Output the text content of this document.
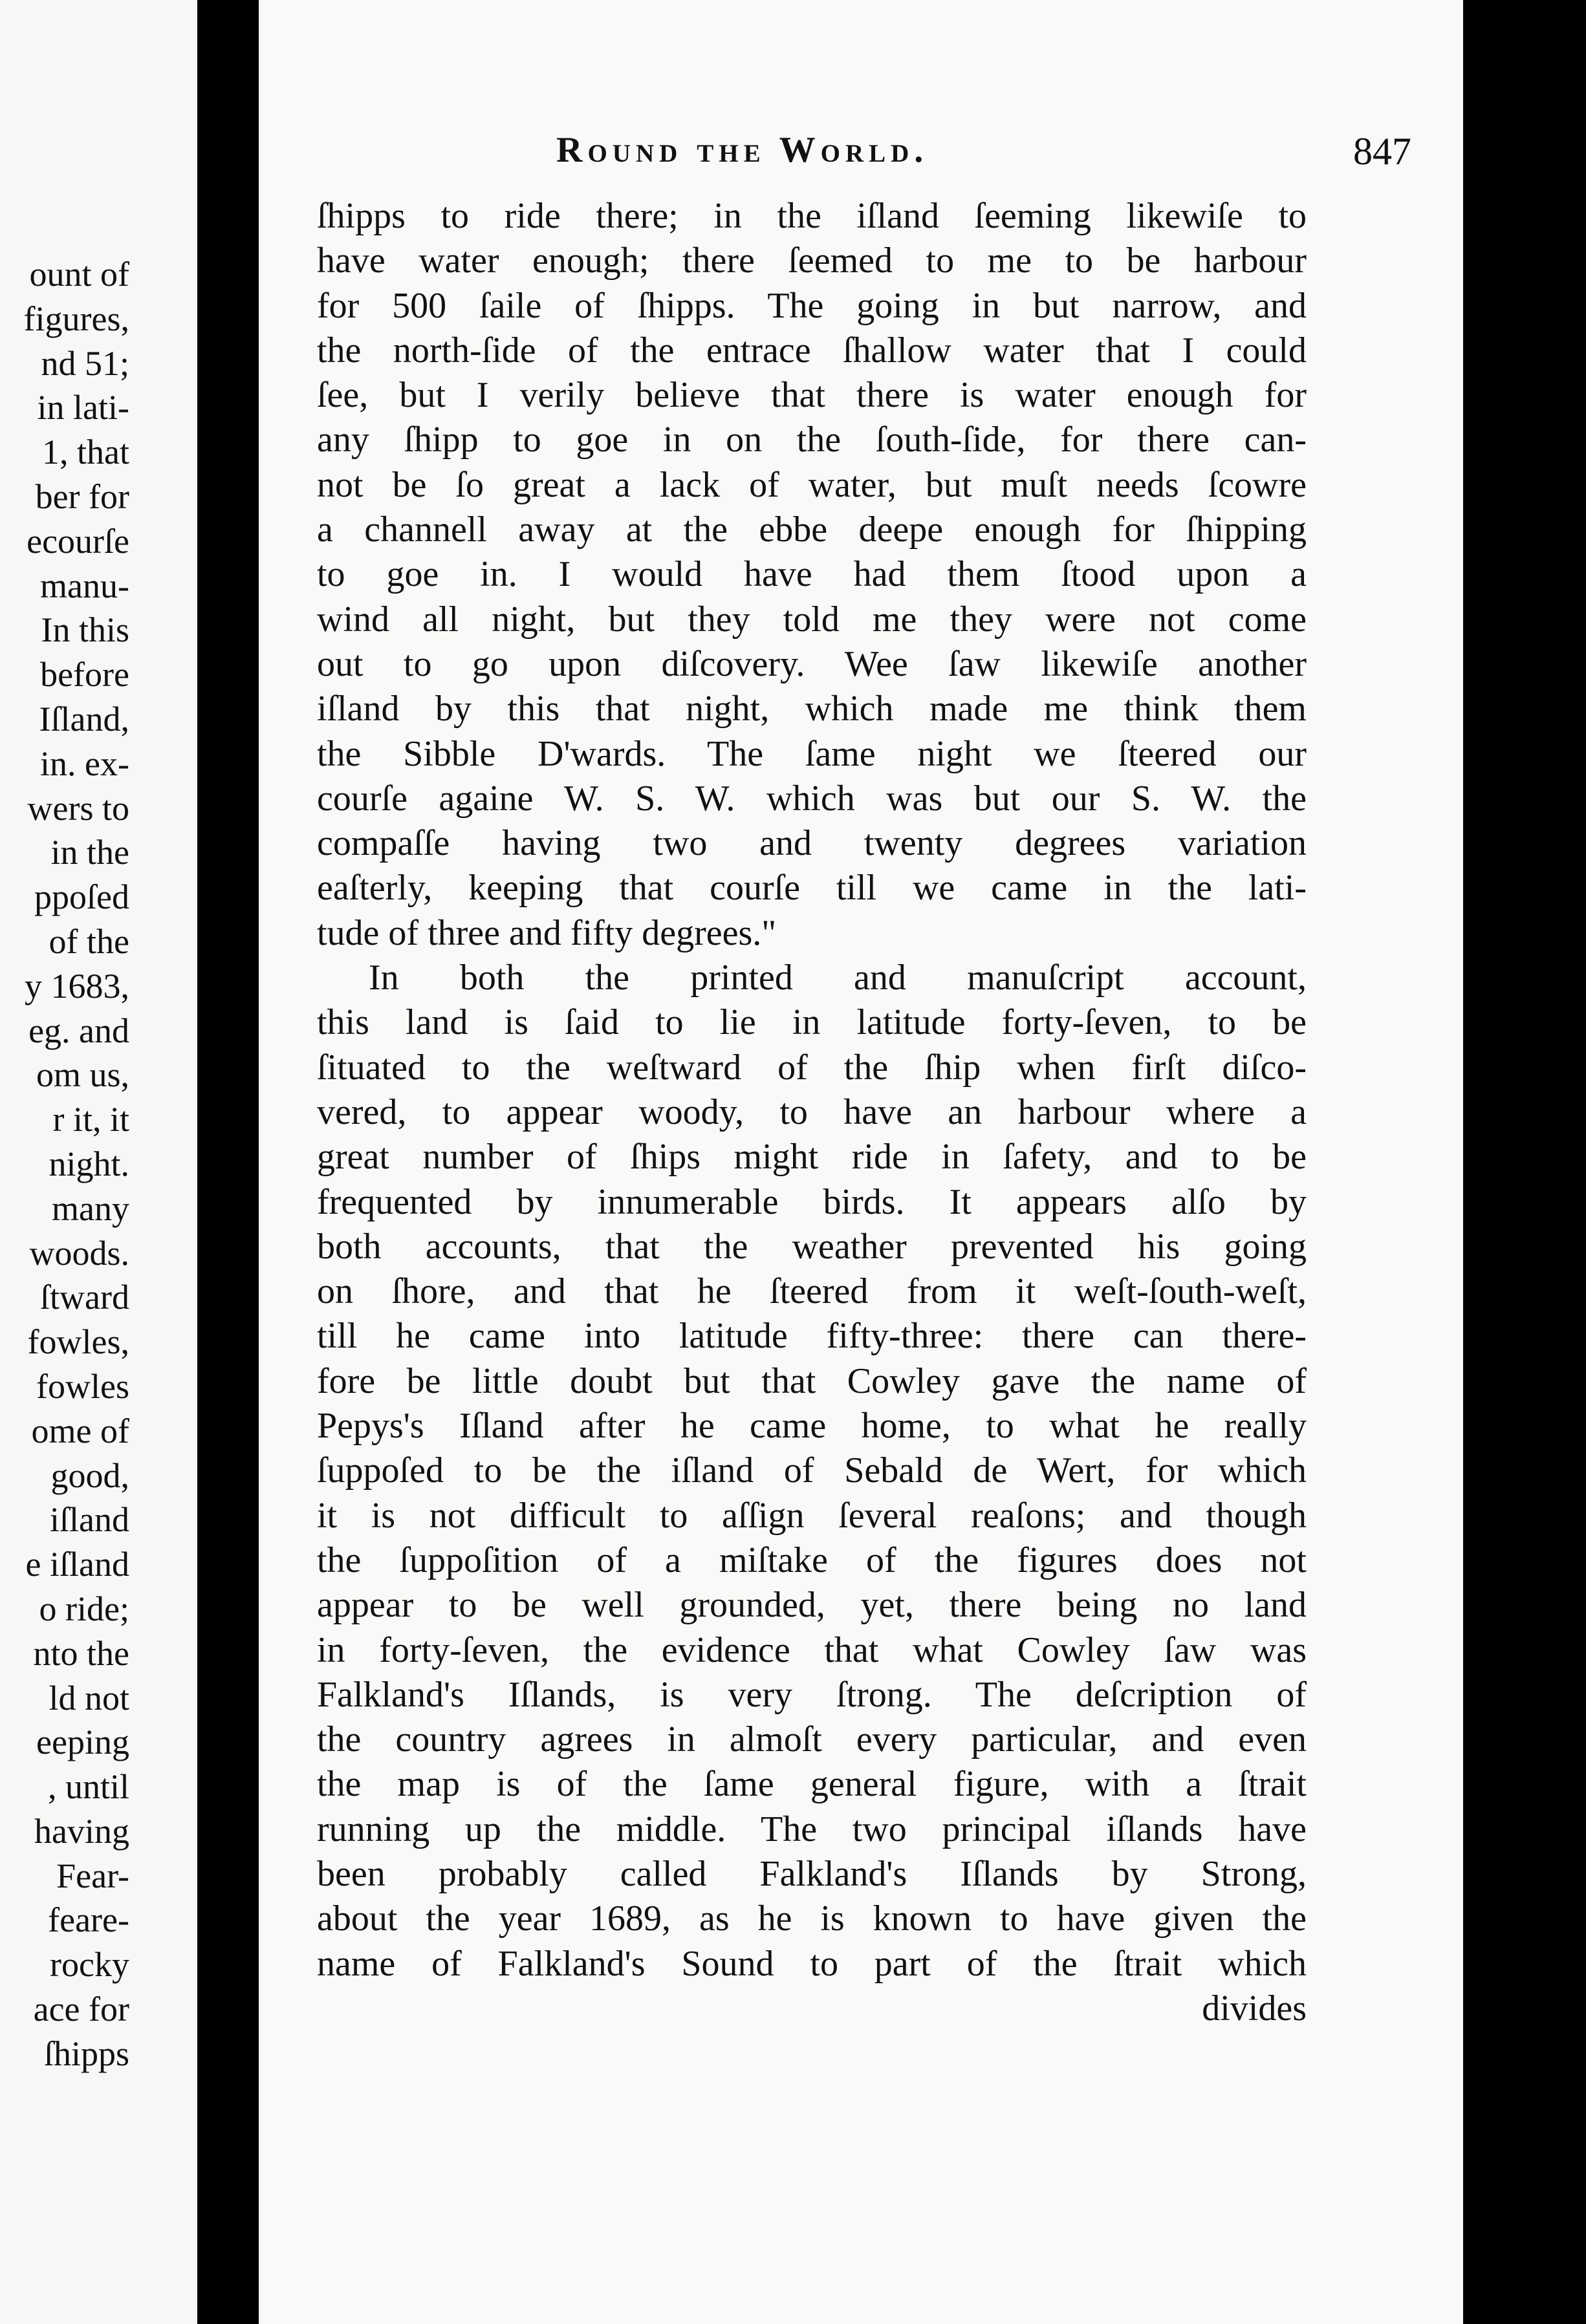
ount of
figures,
nd 51;
in lati-
1, that
ber for
ecourſe
manu-
In this
before
Iſland,
in. ex-
wers to
in the
ppoſed
of the
y 1683,
eg. and
om us,
r it, it
night.
many
woods.
ſtward
fowles,
fowles
ome of
good,
iſland
e iſland
o ride;
nto the
ld not
eeping
, until
having
Fear-
feare-
rocky
ace for
ſhipps
Round the World.	847
ſhipps to ride there; in the iſland ſeeming likewiſe to
have water enough; there ſeemed to me to be harbour
for 500 ſaile of ſhipps. The going in but narrow, and
the north-ſide of the entrace ſhallow water that I could
ſee, but I verily believe that there is water enough for
any ſhipp to goe in on the ſouth-ſide, for there can-
not be ſo great a lack of water, but muſt needs ſcowre
a channell away at the ebbe deepe enough for ſhipping
to goe in. I would have had them ſtood upon a
wind all night, but they told me they were not come
out to go upon diſcovery. Wee ſaw likewiſe another
iſland by this that night, which made me think them
the Sibble D'wards. The ſame night we ſteered our
courſe againe W. S. W. which was but our S. W. the
compaſſe having two and twenty degrees variation
eaſterly, keeping that courſe till we came in the lati-
tude of three and fifty degrees."
In both the printed and manuſcript account,
this land is ſaid to lie in latitude forty-ſeven, to be
ſituated to the weſtward of the ſhip when firſt diſco-
vered, to appear woody, to have an harbour where a
great number of ſhips might ride in ſafety, and to be
frequented by innumerable birds. It appears alſo by
both accounts, that the weather prevented his going
on ſhore, and that he ſteered from it weſt-ſouth-weſt,
till he came into latitude fifty-three: there can there-
fore be little doubt but that Cowley gave the name of
Pepys's Iſland after he came home, to what he really
ſuppoſed to be the iſland of Sebald de Wert, for which
it is not difficult to aſſign ſeveral reaſons; and though
the ſuppoſition of a miſtake of the figures does not
appear to be well grounded, yet, there being no land
in forty-ſeven, the evidence that what Cowley ſaw was
Falkland's Iſlands, is very ſtrong. The deſcription of
the country agrees in almoſt every particular, and even
the map is of the ſame general figure, with a ſtrait
running up the middle. The two principal iſlands have
been probably called Falkland's Iſlands by Strong,
about the year 1689, as he is known to have given the
name of Falkland's Sound to part of the ſtrait which
divides
